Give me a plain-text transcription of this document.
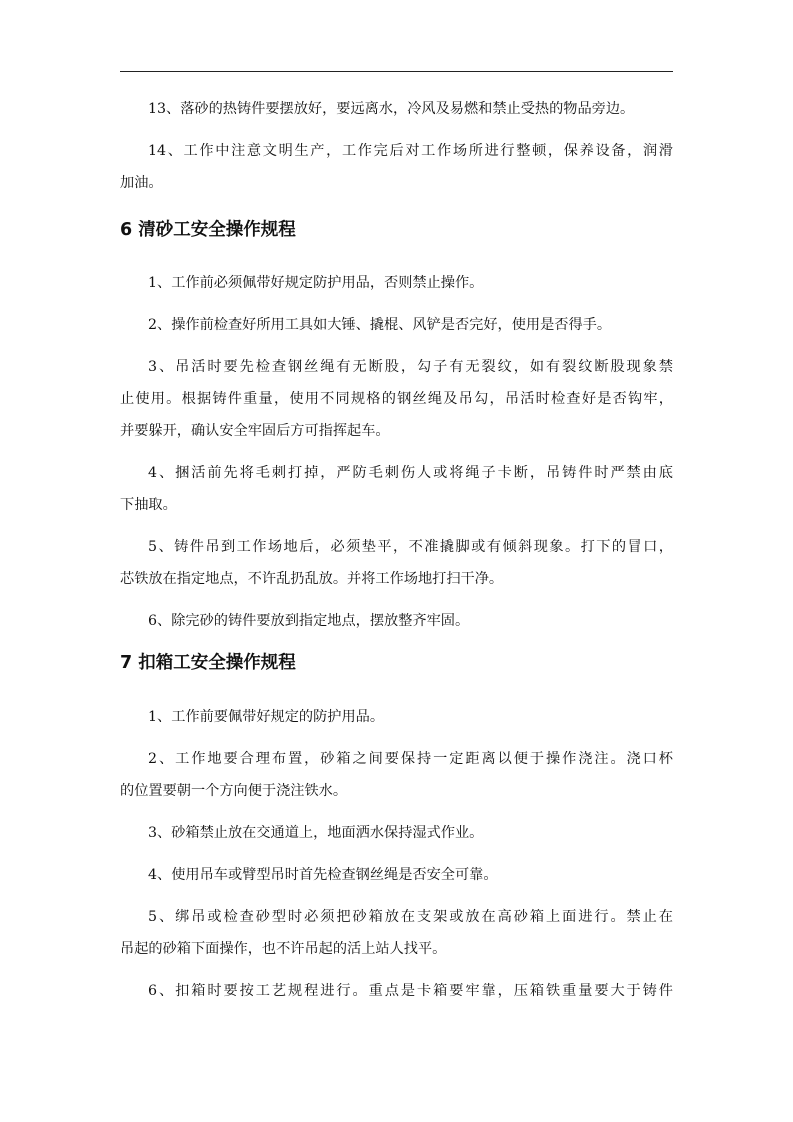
13、落砂的热铸件要摆放好，要远离水，冷风及易燃和禁止受热的物品旁边。
14、工作中注意文明生产，工作完后对工作场所进行整顿，保养设备，润滑
加油。
6 清砂工安全操作规程
1、工作前必须佩带好规定防护用品，否则禁止操作。
2、操作前检查好所用工具如大锤、撬棍、风铲是否完好，使用是否得手。
3、吊活时要先检查钢丝绳有无断股，勾子有无裂纹，如有裂纹断股现象禁
止使用。根据铸件重量，使用不同规格的钢丝绳及吊勾，吊活时检查好是否钩牢，
并要躲开，确认安全牢固后方可指挥起车。
4、捆活前先将毛刺打掉，严防毛刺伤人或将绳子卡断，吊铸件时严禁由底
下抽取。
5、铸件吊到工作场地后，必须垫平，不准撬脚或有倾斜现象。打下的冒口，
芯铁放在指定地点，不许乱扔乱放。并将工作场地打扫干净。
6、除完砂的铸件要放到指定地点，摆放整齐牢固。
7 扣箱工安全操作规程
1、工作前要佩带好规定的防护用品。
2、工作地要合理布置，砂箱之间要保持一定距离以便于操作浇注。浇口杯
的位置要朝一个方向便于浇注铁水。
3、砂箱禁止放在交通道上，地面洒水保持湿式作业。
4、使用吊车或臂型吊时首先检查钢丝绳是否安全可靠。
5、绑吊或检查砂型时必须把砂箱放在支架或放在高砂箱上面进行。禁止在
吊起的砂箱下面操作，也不许吊起的活上站人找平。
6、扣箱时要按工艺规程进行。重点是卡箱要牢靠，压箱铁重量要大于铸件
